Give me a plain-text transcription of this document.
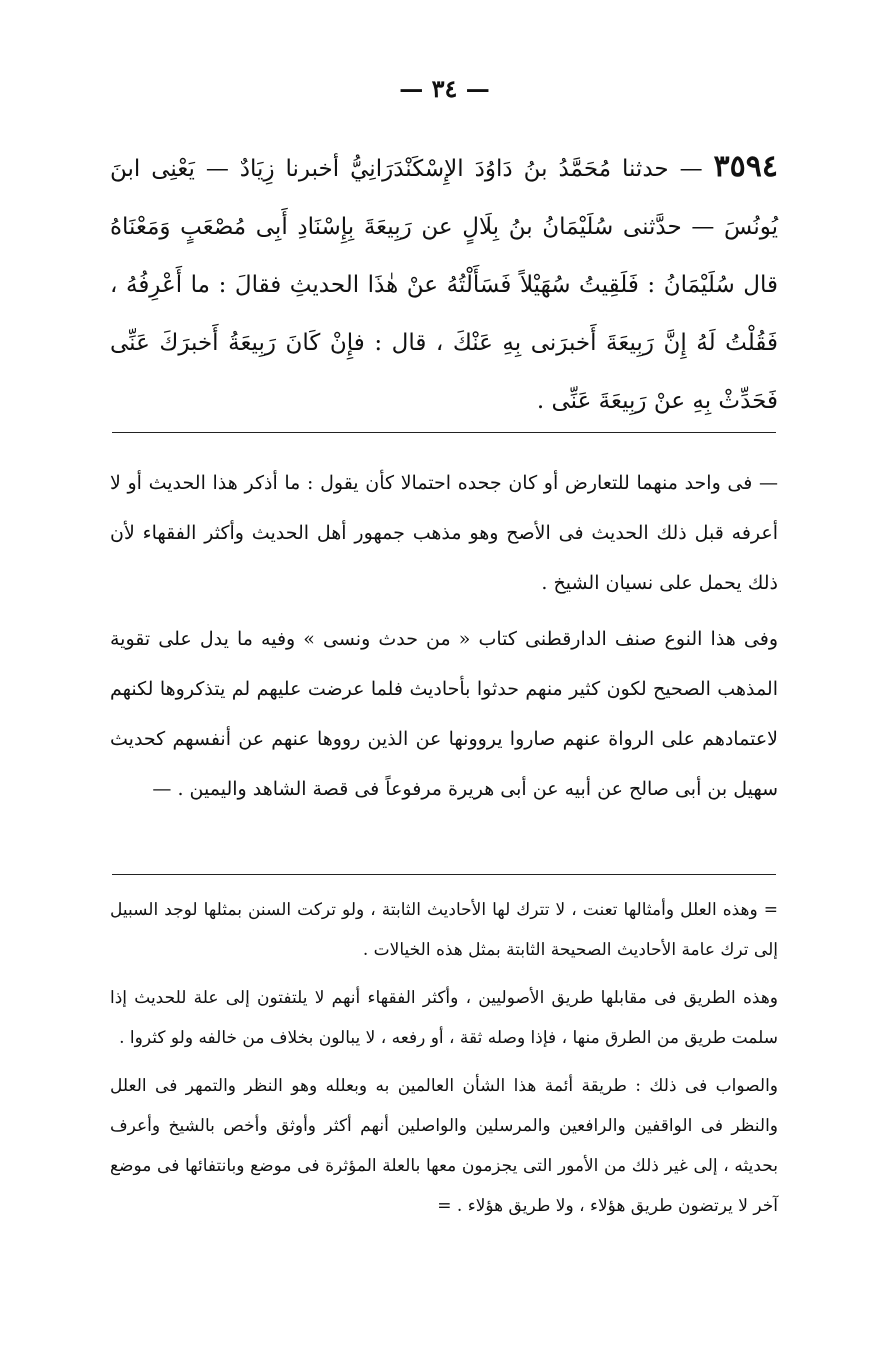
— ٣٤ —
٣٥٩٤ — حدثنا مُحَمَّدُ بنُ دَاوُدَ الإِسْكَنْدَرَانِيُّ أخبرنا زِيَادٌ — يَعْنِى ابنَ يُونُسَ — حدَّثنى سُلَيْمَانُ بنُ بِلَالٍ عن رَبِيعَةَ بِإِسْنَادِ أَبِى مُصْعَبٍ وَمَعْنَاهُ قال سُلَيْمَانُ : فَلَقِيتُ سُهَيْلاً فَسَأَلْتُهُ عنْ هٰذَا الحديثِ فقالَ : ما أَعْرِفُهُ ، فَقُلْتُ لَهُ إِنَّ رَبِيعَةَ أَخبرَنى بِهِ عَنْكَ ، قال : فإِنْ كَانَ رَبِيعَةُ أَخبرَكَ عَنِّى فَحَدِّثْ بِهِ عنْ رَبِيعَةَ عَنِّى .

— فى واحد منهما للتعارض أو كان جحده احتمالا كأن يقول : ما أذكر هذا الحديث أو لا أعرفه قبل ذلك الحديث فى الأصح وهو مذهب جمهور أهل الحديث وأكثر الفقهاء لأن ذلك يحمل على نسيان الشيخ .

وفى هذا النوع صنف الدارقطنى كتاب « من حدث ونسى » وفيه ما يدل على تقوية المذهب الصحيح لكون كثير منهم حدثوا بأحاديث فلما عرضت عليهم لم يتذكروها لكنهم لاعتمادهم على الرواة عنهم صاروا يروونها عن الذين رووها عنهم عن أنفسهم كحديث سهيل بن أبى صالح عن أبيه عن أبى هريرة مرفوعاً فى قصة الشاهد واليمين . —

= وهذه العلل وأمثالها تعنت ، لا تترك لها الأحاديث الثابتة ، ولو تركت السنن بمثلها لوجد السبيل إلى ترك عامة الأحاديث الصحيحة الثابتة بمثل هذه الخيالات .

وهذه الطريق فى مقابلها طريق الأصوليين ، وأكثر الفقهاء أنهم لا يلتفتون إلى علة للحديث إذا سلمت طريق من الطرق منها ، فإذا وصله ثقة ، أو رفعه ، لا يبالون بخلاف من خالفه ولو كثروا .

والصواب فى ذلك : طريقة أئمة هذا الشأن العالمين به وبعلله وهو النظر والتمهر فى العلل والنظر فى الواقفين والرافعين والمرسلين والواصلين أنهم أكثر وأوثق وأخص بالشيخ وأعرف بحديثه ، إلى غير ذلك من الأمور التى يجزمون معها بالعلة المؤثرة فى موضع وبانتفائها فى موضع آخر لا يرتضون طريق هؤلاء ، ولا طريق هؤلاء . =
